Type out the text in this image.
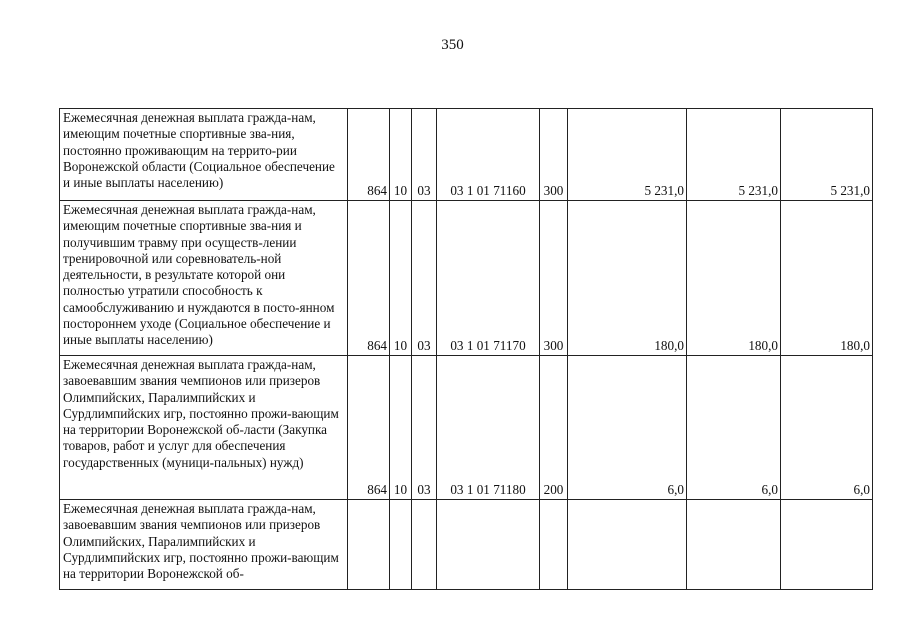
350
Ежемесячная денежная выплата гражда-нам, имеющим почетные спортивные зва-ния, постоянно проживающим на террито-рии Воронежской области (Социальное обеспечение и иные выплаты населению)	864	10	03	03 1 01 71160	300	5 231,0	5 231,0	5 231,0
Ежемесячная денежная выплата гражда-нам, имеющим почетные спортивные зва-ния и получившим травму при осуществ-лении тренировочной или соревнователь-ной деятельности, в результате которой они полностью утратили способность к самообслуживанию и нуждаются в посто-янном постороннем уходе (Социальное обеспечение и иные выплаты населению)	864	10	03	03 1 01 71170	300	180,0	180,0	180,0
Ежемесячная денежная выплата гражда-нам, завоевавшим звания чемпионов или призеров Олимпийских, Паралимпийских и Сурдлимпийских игр, постоянно прожи-вающим на территории Воронежской об-ласти (Закупка товаров, работ и услуг для обеспечения государственных (муници-пальных) нужд)	864	10	03	03 1 01 71180	200	6,0	6,0	6,0
Ежемесячная денежная выплата гражда-нам, завоевавшим звания чемпионов или призеров Олимпийских, Паралимпийских и Сурдлимпийских игр, постоянно прожи-вающим на территории Воронежской об-								
